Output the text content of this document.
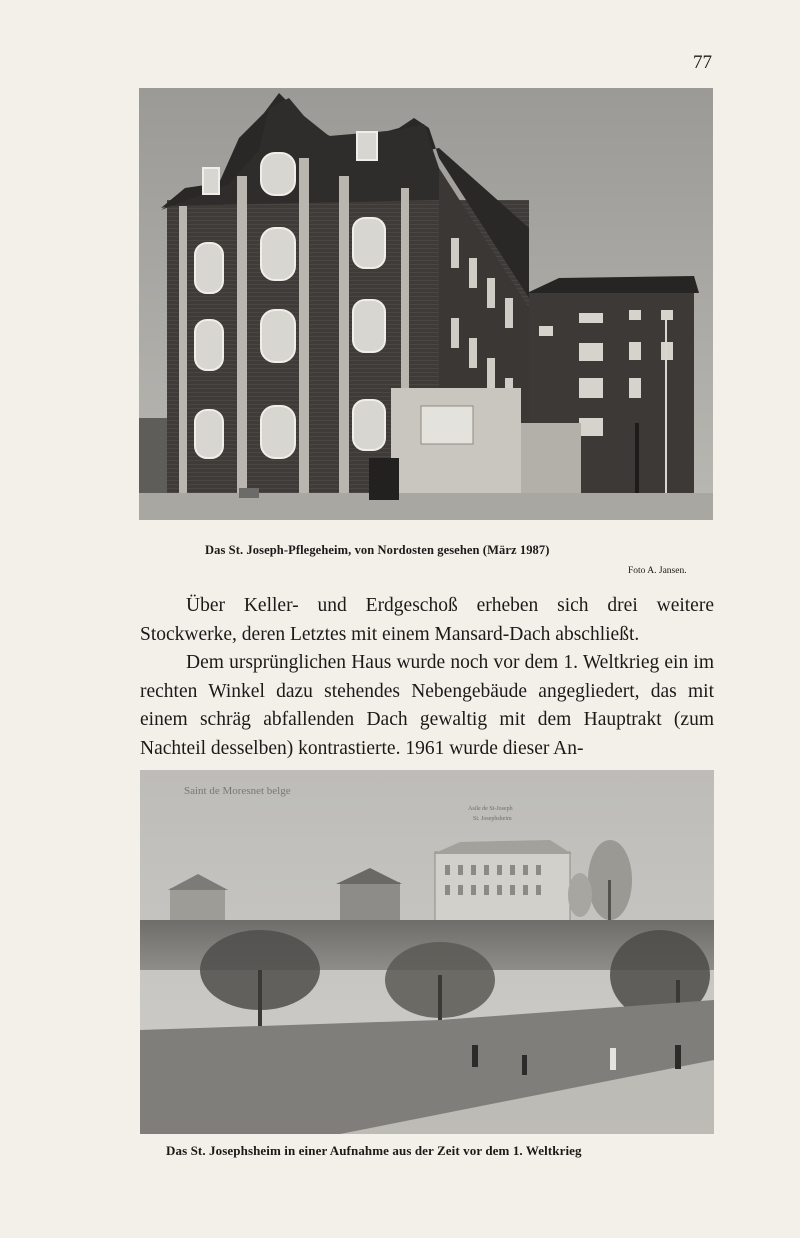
77
Das St. Joseph-Pflegeheim, von Nordosten gesehen (März 1987)
Foto A. Jansen.

Über Keller- und Erdgeschoß erheben sich drei weitere Stockwerke, deren Letztes mit einem Mansard-Dach abschließt.

Dem ursprünglichen Haus wurde noch vor dem 1. Weltkrieg ein im rechten Winkel dazu stehendes Nebengebäude angegliedert, das mit einem schräg abfallenden Dach gewaltig mit dem Hauptrakt (zum Nachteil desselben) kontrastierte. 1961 wurde dieser An-

Saint de Moresnet belge
Asile de St-Joseph
St. Josephsheim
Das St. Josephsheim in einer Aufnahme aus der Zeit vor dem 1. Weltkrieg
